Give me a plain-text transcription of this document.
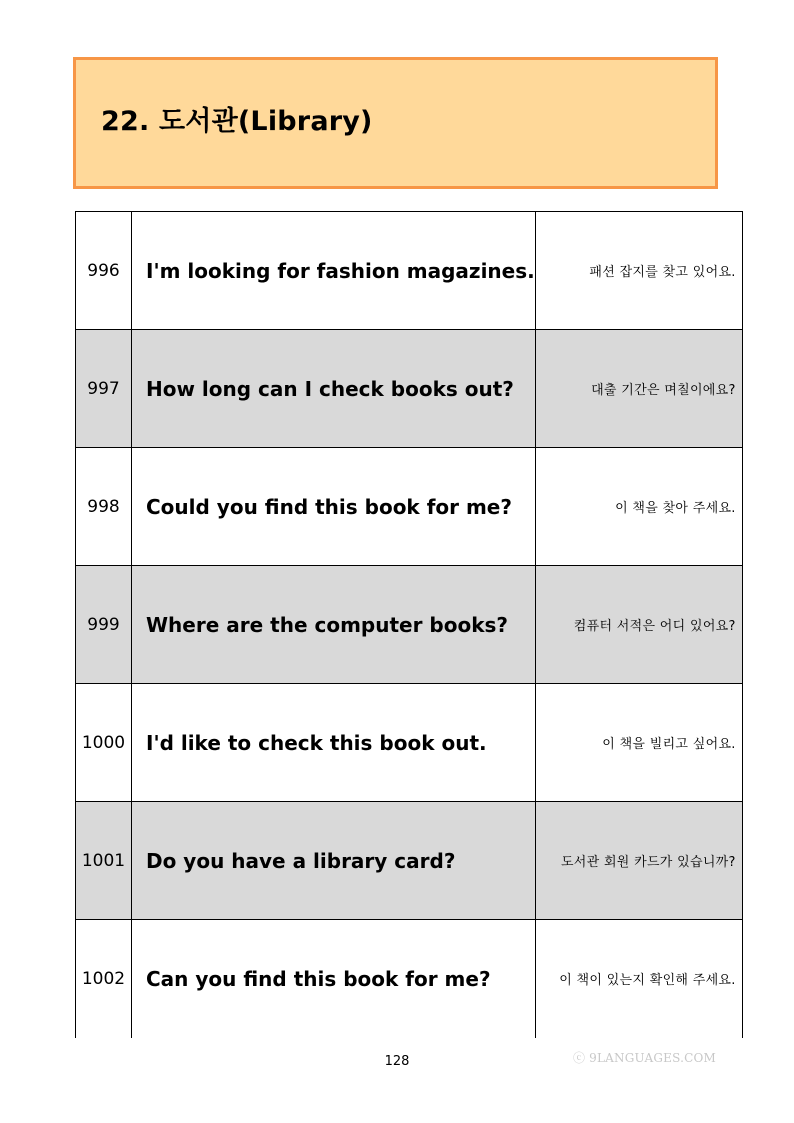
22. 도서관(Library)
996	I'm looking for fashion magazines.	패션 잡지를 찾고 있어요.
997	How long can I check books out?	대출 기간은 며칠이에요?
998	Could you find this book for me?	이 책을 찾아 주세요.
999	Where are the computer books?	컴퓨터 서적은 어디 있어요?
1000	I'd like to check this book out.	이 책을 빌리고 싶어요.
1001	Do you have a library card?	도서관 회원 카드가 있습니까?
1002	Can you find this book for me?	이 책이 있는지 확인해 주세요.
128	ⓒ 9LANGUAGES.COM
